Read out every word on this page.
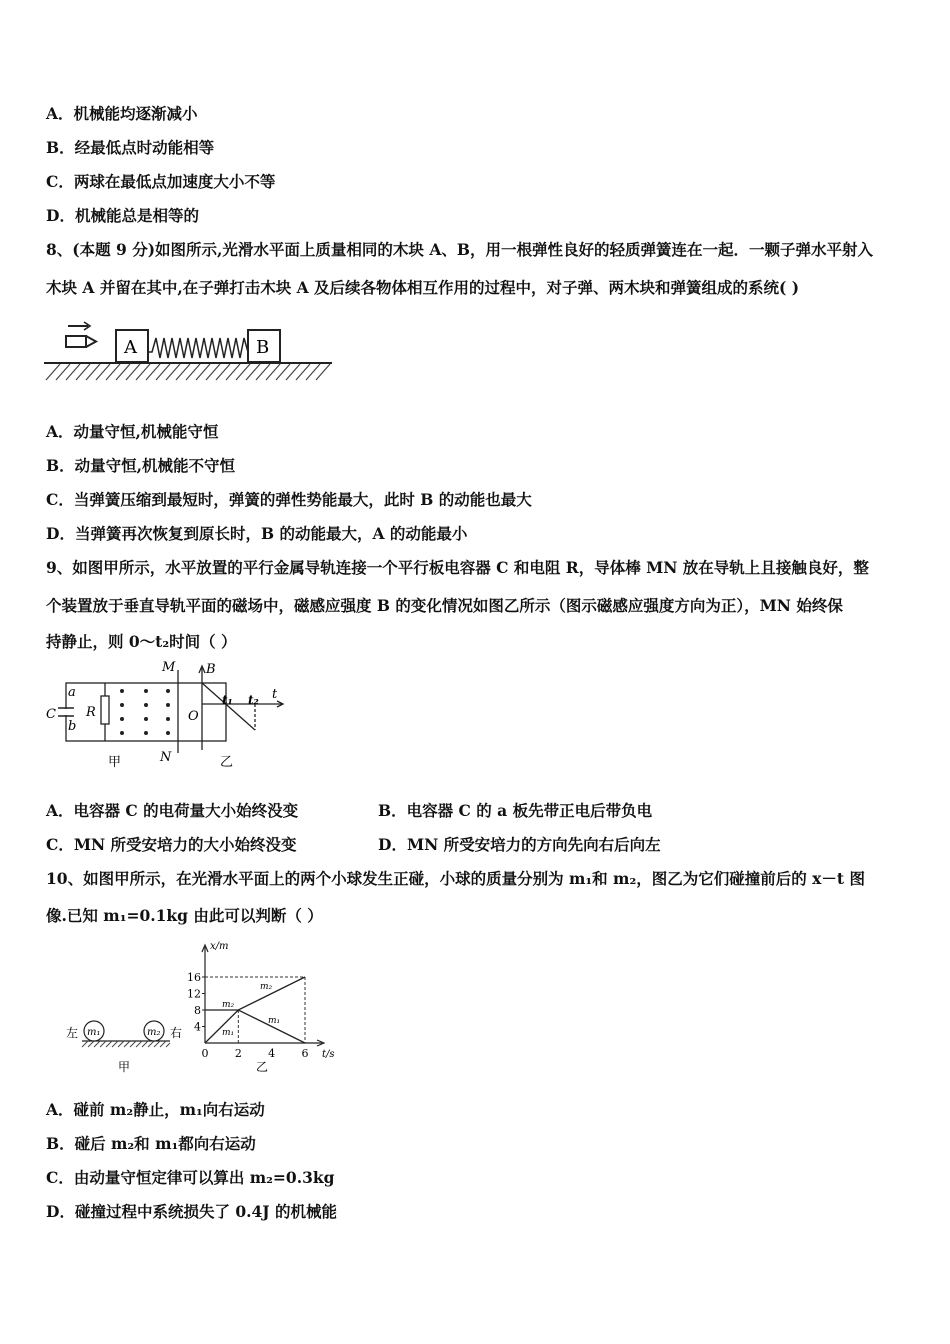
A．机械能均逐渐减小
B．经最低点时动能相等
C．两球在最低点加速度大小不等
D．机械能总是相等的
8、(本题 9 分)如图所示,光滑水平面上质量相同的木块 A、B，用一根弹性良好的轻质弹簧连在一起．一颗子弹水平射入
木块 A 并留在其中,在子弹打击木块 A 及后续各物体相互作用的过程中，对子弹、两木块和弹簧组成的系统( )
A	B
A．动量守恒,机械能守恒
B．动量守恒,机械能不守恒
C．当弹簧压缩到最短时，弹簧的弹性势能最大，此时 B 的动能也最大
D．当弹簧再次恢复到原长时，B 的动能最大，A 的动能最小
9、如图甲所示，水平放置的平行金属导轨连接一个平行板电容器 C 和电阻 R，导体棒 MN 放在导轨上且接触良好，整
个装置放于垂直导轨平面的磁场中，磁感应强度 B 的变化情况如图乙所示（图示磁感应强度方向为正），MN 始终保
持静止，则 0～t₂时间（ ）
C
a
b
R
M
N
甲
B
t
O
t₁ t₂
乙
A．电容器 C 的电荷量大小始终没变	B．电容器 C 的 a 板先带正电后带负电
C．MN 所受安培力的大小始终没变	D．MN 所受安培力的方向先向右后向左
10、如图甲所示，在光滑水平面上的两个小球发生正碰，小球的质量分别为 m₁和 m₂，图乙为它们碰撞前后的 x－t 图
像.已知 m₁=0.1kg 由此可以判断（ ）
m₁	m₂
左	右
甲
x/m
t/s
乙
16
12
8
4
0 2 4 6
m₂
m₁
m₂
m₁
A．碰前 m₂静止，m₁向右运动
B．碰后 m₂和 m₁都向右运动
C．由动量守恒定律可以算出 m₂=0.3kg
D．碰撞过程中系统损失了 0.4J 的机械能
